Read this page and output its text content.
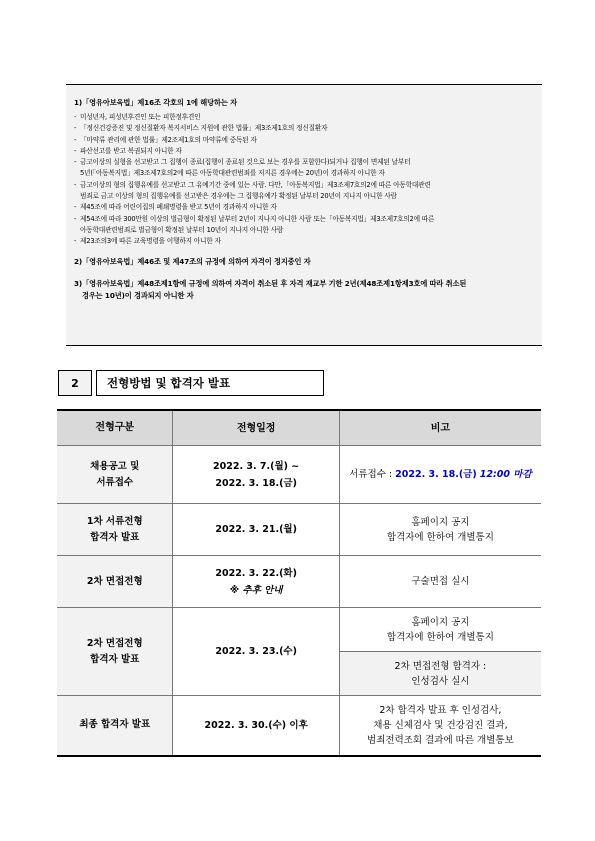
1)「영유아보육법」제16조 각호의 1에 해당하는 자
- 미성년자, 피성년후견인 또는 피한정후견인
- 「정신건강증진 및 정신질환자 복지서비스 지원에 관한 법률」제3조제1호의 정신질환자
- 「마약류 관리에 관한 법률」제2조제1호의 마약류에 중독된 자
- 파산선고를 받고 복권되지 아니한 자
- 금고이상의 실형을 선고받고 그 집행이 종료(집행이 종료된 것으로 보는 경우를 포함한다)되거나 집행이 면제된 날부터
5년(「아동복지법」제3조제7호의2에 따른 아동학대관련범죄를 저지른 경우에는 20년)이 경과하지 아니한 자
- 금고이상의 형의 집행유예를 선고받고 그 유예기간 중에 있는 사람. 다만,「아동복지법」제3조제7호의2에 따른 아동학대관련
범죄로 금고 이상의 형의 집행유예를 선고받은 경우에는 그 집행유예가 확정된 날부터 20년이 지나지 아니한 사람
- 제45조에 따라 어린이집의 폐쇄명령을 받고 5년이 경과하지 아니한 자
- 제54조에 따라 300만원 이상의 벌금형이 확정된 날부터 2년이 지나지 아니한 사람 또는「아동복지법」제3조제7호의2에 따른
아동학대관련범죄로 벌금형이 확정된 날부터 10년이 지나지 아니한 사람
- 제23조의3에 따른 교육명령을 이행하지 아니한 자
2)「영유아보육법」제46조 및 제47조의 규정에 의하여 자격이 정지중인 자
3)「영유아보육법」제48조제1항에 규정에 의하여 자격이 취소된 후 자격 재교부 기한 2년(제48조제1항제3호에 따라 취소된
경우는 10년)이 경과되지 아니한 자
2	전형방법 및 합격자 발표
전형구분	전형일정	비고
채용공고 및
서류접수	2022. 3. 7.(월) ~
2022. 3. 18.(금)	서류접수 : 2022. 3. 18.(금) 12:00 마감
1차 서류전형
합격자 발표	2022. 3. 21.(월)	홈페이지 공지
합격자에 한하여 개별통지
2차 면접전형	2022. 3. 22.(화)
※ 추후 안내	구술면접 실시
2차 면접전형
합격자 발표	2022. 3. 23.(수)	홈페이지 공지
합격자에 한하여 개별통지
		2차 면접전형 합격자 :
인성검사 실시
최종 합격자 발표	2022. 3. 30.(수) 이후	2차 합격자 발표 후 인성검사,
채용 신체검사 및 건강검진 결과,
범죄전력조회 결과에 따른 개별통보
